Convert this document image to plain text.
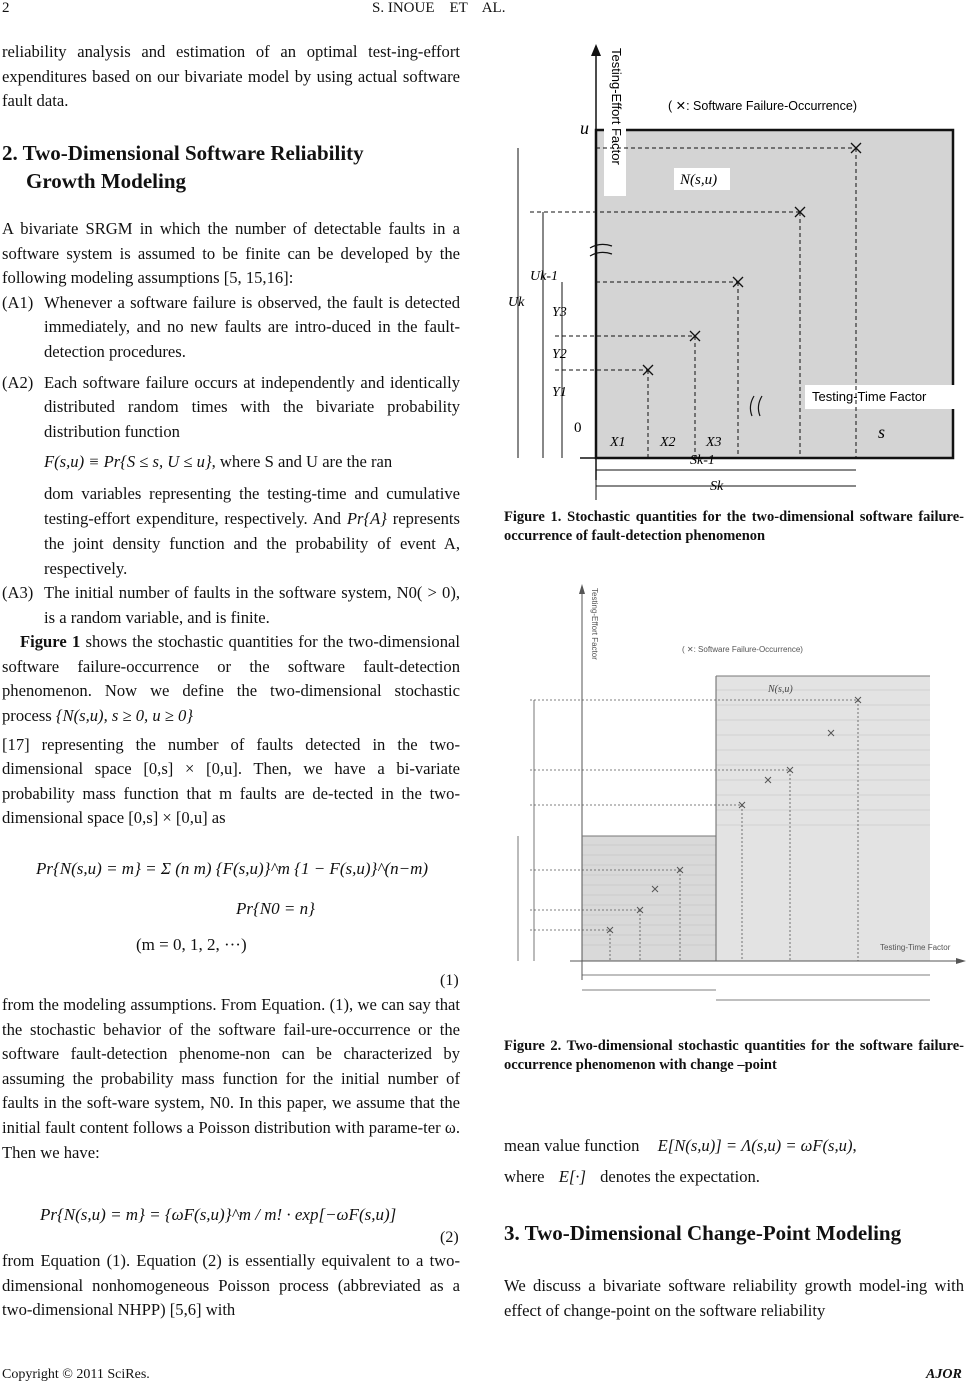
2	S. INOUE    ET    AL.

reliability analysis and estimation of an optimal test-ing-effort expenditures based on our bivariate model by using actual software fault data.

2. Two-Dimensional Software Reliability
Growth Modeling

A bivariate SRGM in which the number of detectable faults in a software system is assumed to be finite can be developed by the following modeling assumptions [5, 15,16]:

(A1) Whenever a software failure is observed, the fault is detected immediately, and no new faults are intro-duced in the fault-detection procedures.
(A2) Each software failure occurs at independently and identically distributed random times with the bivariate probability distribution function
F(s,u) ≡ Pr{S ≤ s, U ≤ u}, where S and U are the ran
dom variables representing the testing-time and cumulative testing-effort expenditure, respectively. And Pr{A} represents the joint density function and the probability of event A, respectively.
(A3) The initial number of faults in the software system, N0( > 0), is a random variable, and is finite.

Figure 1 shows the stochastic quantities for the two-dimensional software failure-occurrence or the software fault-detection phenomenon. Now we define the two-dimensional stochastic process {N(s,u), s ≥ 0, u ≥ 0}

[17] representing the number of faults detected in the two-dimensional space [0,s] × [0,u]. Then, we have a bi-variate probability mass function that m faults are de-tected in the two-dimensional space [0,s] × [0,u] as

Pr{N(s,u) = m} = Σ (n m) {F(s,u)}^m {1 − F(s,u)}^(n−m)
Pr{N0 = n}
(m = 0, 1, 2, ···)
(1)

from the modeling assumptions. From Equation. (1), we can say that the stochastic behavior of the software fail-ure-occurrence or the software fault-detection phenome-non can be characterized by assuming the probability mass function for the initial number of faults in the soft-ware system, N0. In this paper, we assume that the initial fault content follows a Poisson distribution with parame-ter ω. Then we have:

Pr{N(s,u) = m} = {ωF(s,u)}^m / m! · exp[−ωF(s,u)]
(2)

from Equation (1). Equation (2) is essentially equivalent to a two-dimensional nonhomogeneous Poisson process (abbreviated as a two-dimensional NHPP) [5,6] with

Testing-Time Factor
Testing-Effort Factor	( ✕: Software Failure-Occurrence)
N(s,u)
u
s
0
Uk-1
Uk
Y3
Y2
Y1
X1 X2 X3
Sk-1
Sk
Figure 1. Stochastic quantities for the two-dimensional software failure-occurrence of fault-detection phenomenon
Testing-Effort Factor	( ✕: Software Failure-Occurrence)
Testing-Time Factor
N(s,u)
Figure 2. Two-dimensional stochastic quantities for the software failure-occurrence phenomenon with change –point
mean value function E[N(s,u)] = Λ(s,u) = ωF(s,u),
where E[·] denotes the expectation.
3. Two-Dimensional Change-Point Modeling

We discuss a bivariate software reliability growth model-ing with effect of change-point on the software reliability

Copyright © 2011 SciRes.	AJOR
